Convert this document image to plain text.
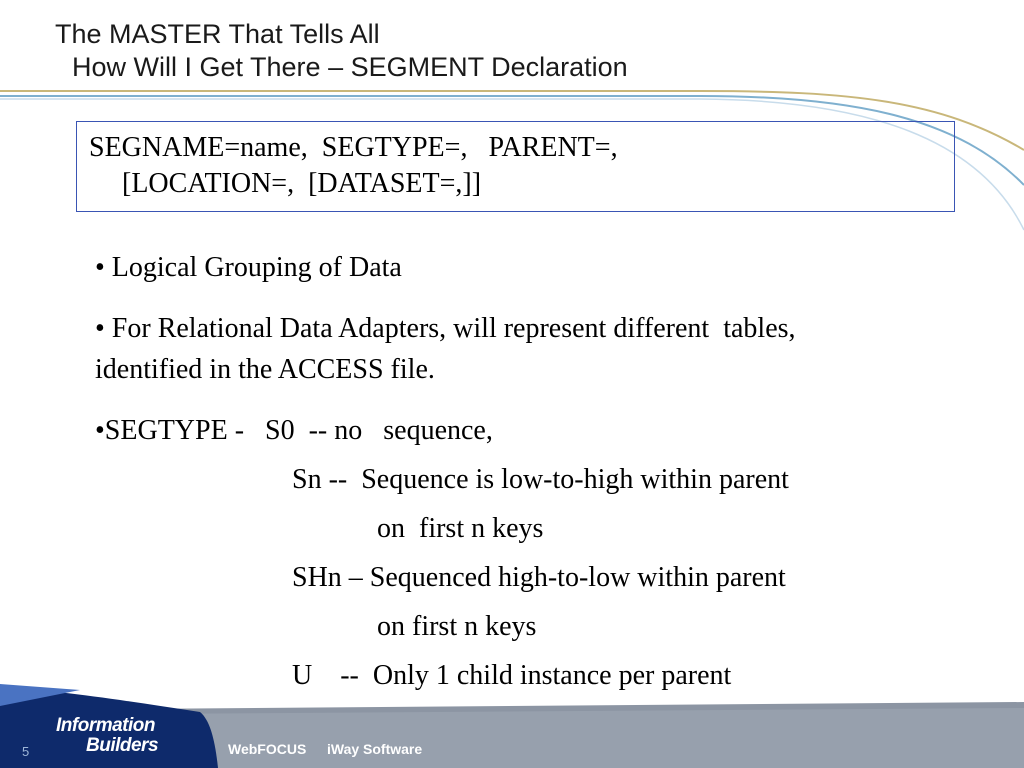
The MASTER That Tells All
How Will I Get There – SEGMENT Declaration
SEGNAME=name,  SEGTYPE=,   PARENT=,
[LOCATION=,  [DATASET=,]]
• Logical Grouping of Data
• For Relational Data Adapters, will represent different  tables,
identified in the ACCESS file.
•SEGTYPE -   S0  -- no   sequence,
Sn --  Sequence is low-to-high within parent
on  first n keys
SHn – Sequenced high-to-low within parent
on first n keys
U    --  Only 1 child instance per parent
Information
Builders	WebFOCUS iWay Software
5
